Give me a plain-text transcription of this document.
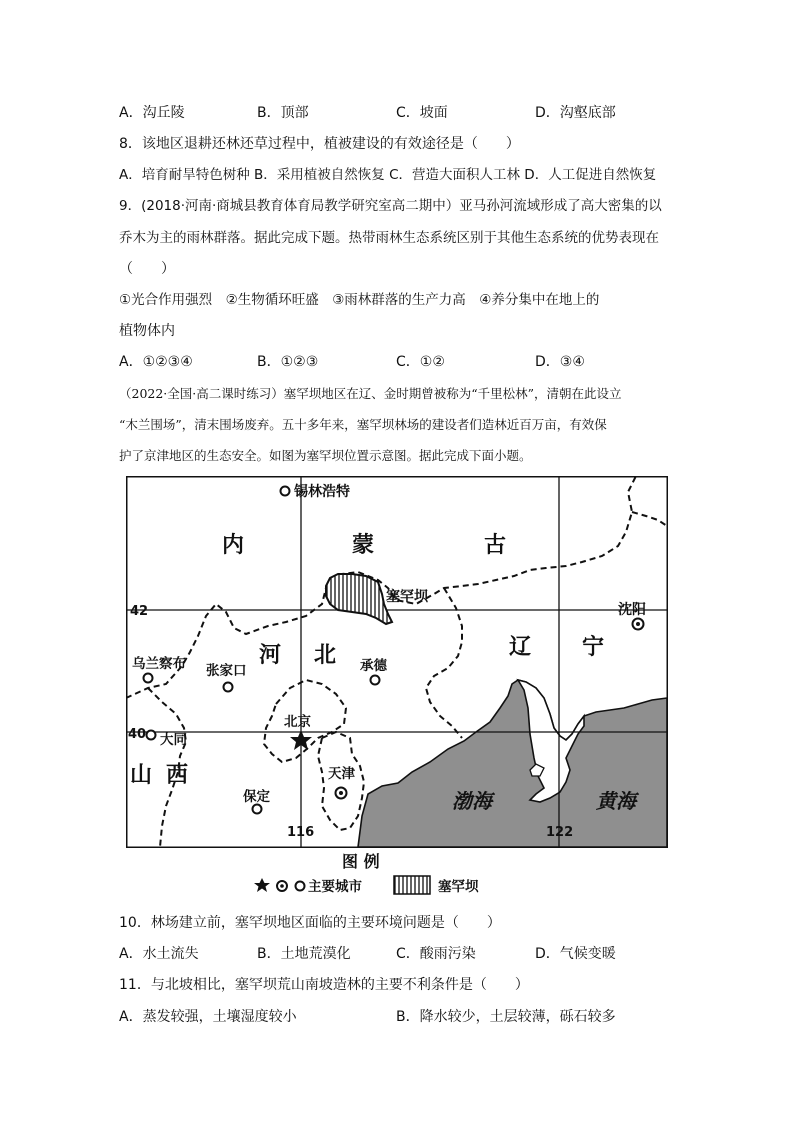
A．沟丘陵	B．顶部	C．坡面	D．沟壑底部
8．该地区退耕还林还草过程中，植被建设的有效途径是（　　）
A．培育耐旱特色树种 B．采用植被自然恢复 C．营造大面积人工林 D．人工促进自然恢复
9．(2018·河南·商城县教育体育局教学研究室高二期中）亚马孙河流域形成了高大密集的以
乔木为主的雨林群落。据此完成下题。热带雨林生态系统区别于其他生态系统的优势表现在
（　　）
①光合作用强烈　②生物循环旺盛　③雨林群落的生产力高　④养分集中在地上的
植物体内
A．①②③④	B．①②③	C．①②	D．③④
（2022·全国·高二课时练习）塞罕坝地区在辽、金时期曾被称为“千里松林”，清朝在此设立
“木兰围场”，清末围场废弃。五十多年来，塞罕坝林场的建设者们造林近百万亩，有效保
护了京津地区的生态安全。如图为塞罕坝位置示意图。据此完成下面小题。
锡林浩特
塞罕坝
沈阳
乌兰察布 张家口	承德
北京
大同
天津
保定
内	蒙	古
河 北	辽 宁
山 西
渤海	黄海
42
40
116	122
图 例
主要城市	塞罕坝
10．林场建立前，塞罕坝地区面临的主要环境问题是（　　）
A．水土流失	B．土地荒漠化	C．酸雨污染	D．气候变暖
11．与北坡相比，塞罕坝荒山南坡造林的主要不利条件是（　　）
A．蒸发较强，土壤湿度较小	B．降水较少，土层较薄，砾石较多
